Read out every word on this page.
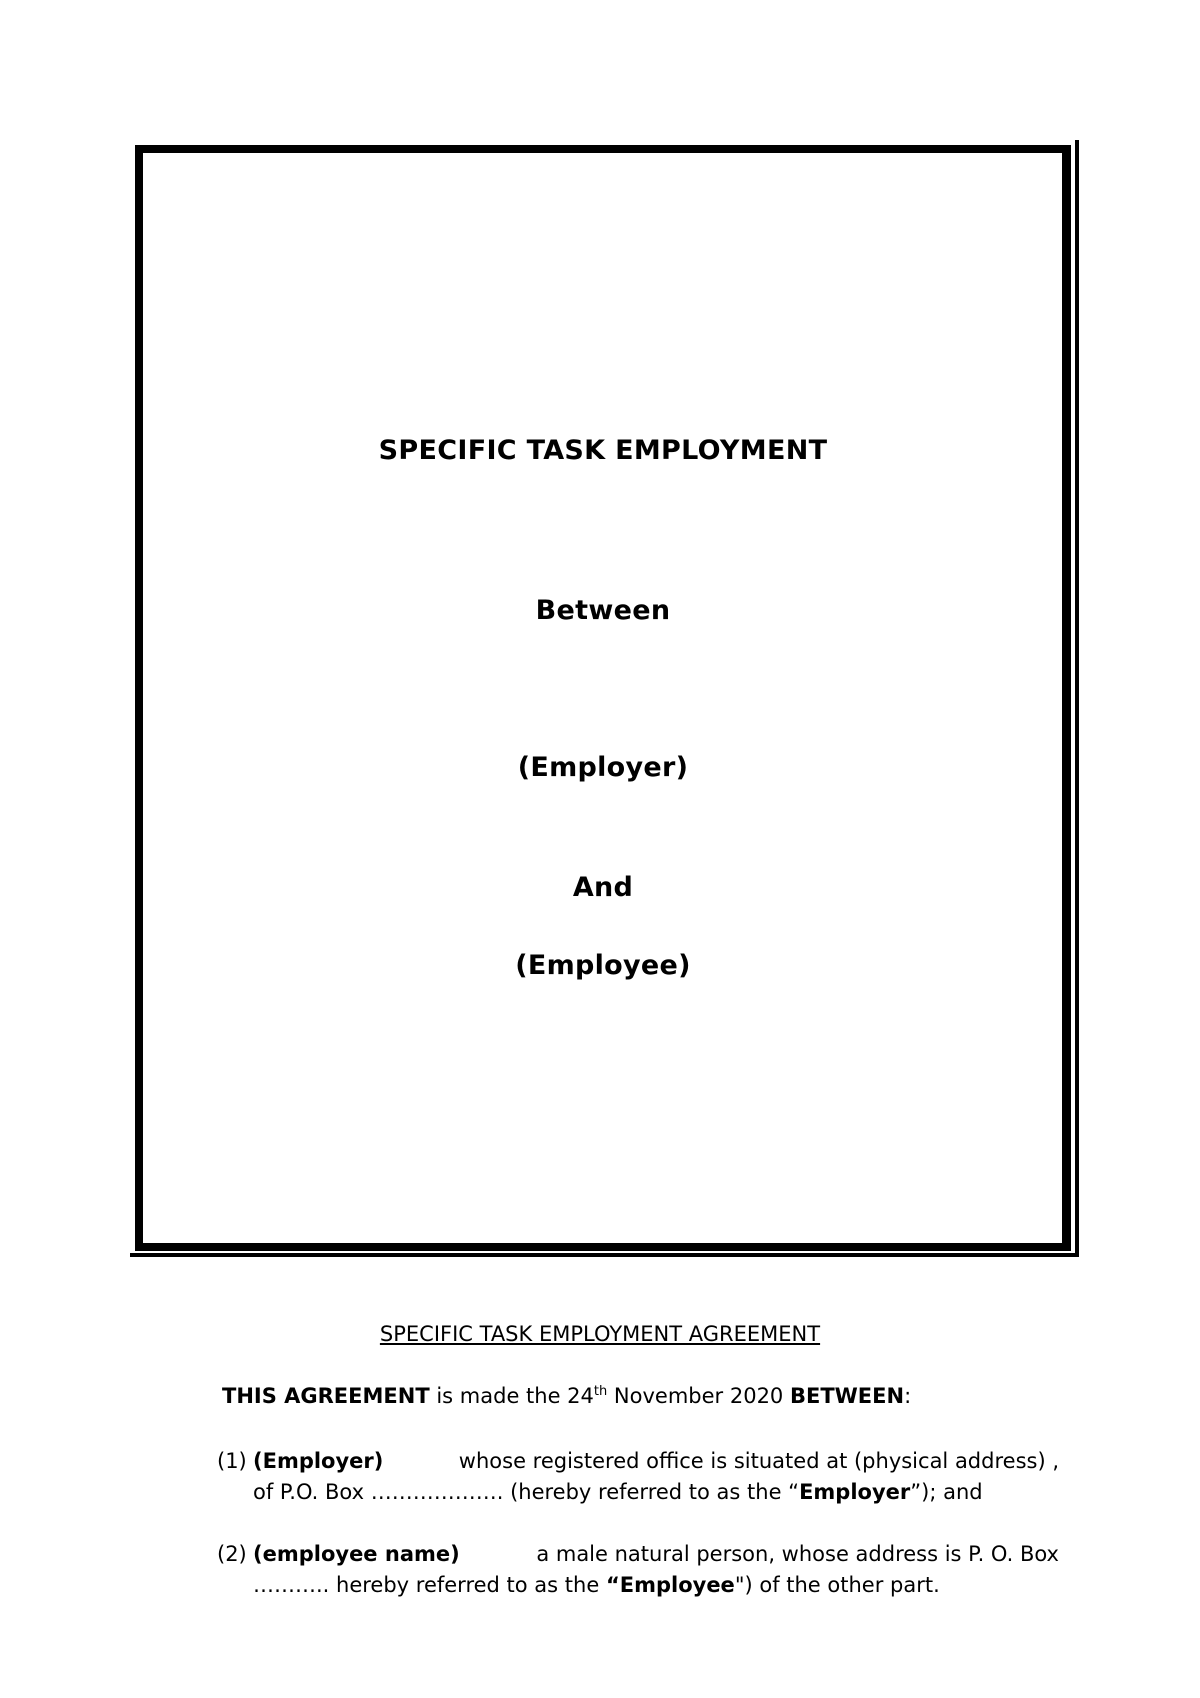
SPECIFIC TASK EMPLOYMENT

Between

(Employer)

And

(Employee)

SPECIFIC TASK EMPLOYMENT AGREEMENT

THIS AGREEMENT is made the 24th November 2020 BETWEEN:

(1) (Employer)	whose registered office is situated at (physical address) ,
of P.O. Box ………………. (hereby referred to as the “Employer”); and
(2) (employee name)	a male natural person, whose address is P. O. Box
……….. hereby referred to as the “Employee") of the other part.
